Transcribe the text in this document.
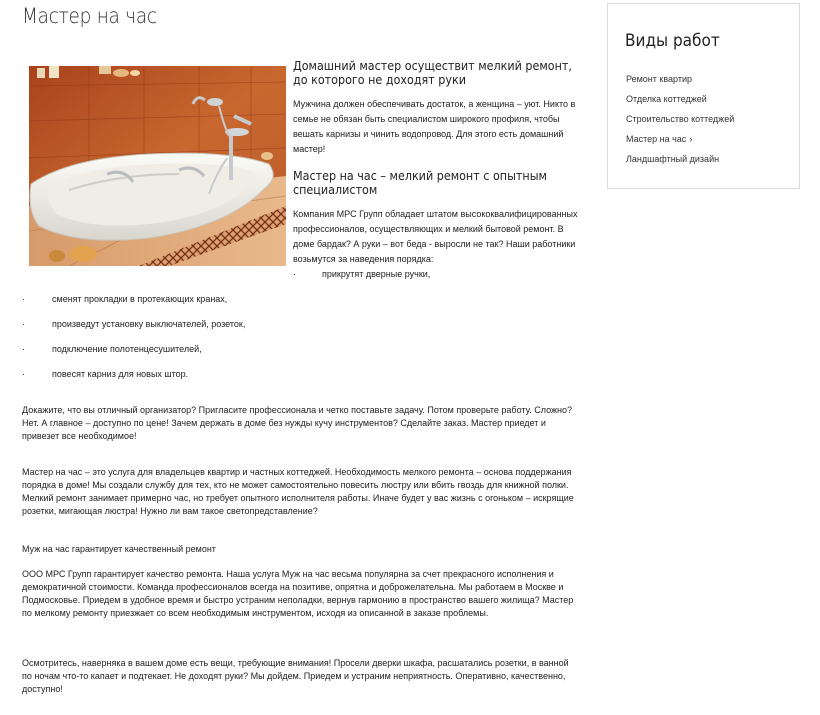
Мастер на час
Домашний мастер осуществит мелкий ремонт, до которого не доходят руки

Мужчина должен обеспечивать достаток, а женщина – уют. Никто в семье не обязан быть специалистом широкого профиля, чтобы вешать карнизы и чинить водопровод. Для этого есть домашний мастер!

Мастер на час – мелкий ремонт с опытным специалистом

Компания МРС Групп обладает штатом высококвалифицированных профессионалов, осуществляющих и мелкий бытовой ремонт. В доме бардак? А руки – вот беда - выросли не так? Наши работники возьмутся за наведения порядка:

·	прикрутят дверные ручки,
·	сменят прокладки в протекающих кранах,
·	произведут установку выключателей, розеток,
·	подключение полотенцесушителей,
·	повесят карниз для новых штор.

Докажите, что вы отличный организатор? Пригласите профессионала и четко поставьте задачу. Потом проверьте работу. Сложно? Нет. А главное – доступно по цене! Зачем держать в доме без нужды кучу инструментов? Сделайте заказ. Мастер приедет и привезет все необходимое!

Мастер на час – это услуга для владельцев квартир и частных коттеджей. Необходимость мелкого ремонта – основа поддержания порядка в доме! Мы создали службу для тех, кто не может самостоятельно повесить люстру или вбить гвоздь для книжной полки. Мелкий ремонт занимает примерно час, но требует опытного исполнителя работы. Иначе будет у вас жизнь с огоньком – искрящие розетки, мигающая люстра! Нужно ли вам такое светопредставление?

Муж на час гарантирует качественный ремонт

ООО МРС Групп гарантирует качество ремонта. Наша услуга Муж на час весьма популярна за счет прекрасного исполнения и демократичной стоимости. Команда профессионалов всегда на позитиве, опрятна и доброжелательна. Мы работаем в Москве и Подмосковье. Приедем в удобное время и быстро устраним неполадки, вернув гармонию в пространство вашего жилища? Мастер по мелкому ремонту приезжает со всем необходимым инструментом, исходя из описанной в заказе проблемы.

Осмотритесь, наверняка в вашем доме есть вещи, требующие внимания! Просели дверки шкафа, расшатались розетки, в ванной по ночам что-то капает и подтекает. Не доходят руки? Мы дойдем. Приедем и устраним неприятность. Оперативно, качественно, доступно!

Виды работ
Ремонт квартир
Отделка коттеджей
Строительство коттеджей
Мастер на час ›
Ландшафтный дизайн
